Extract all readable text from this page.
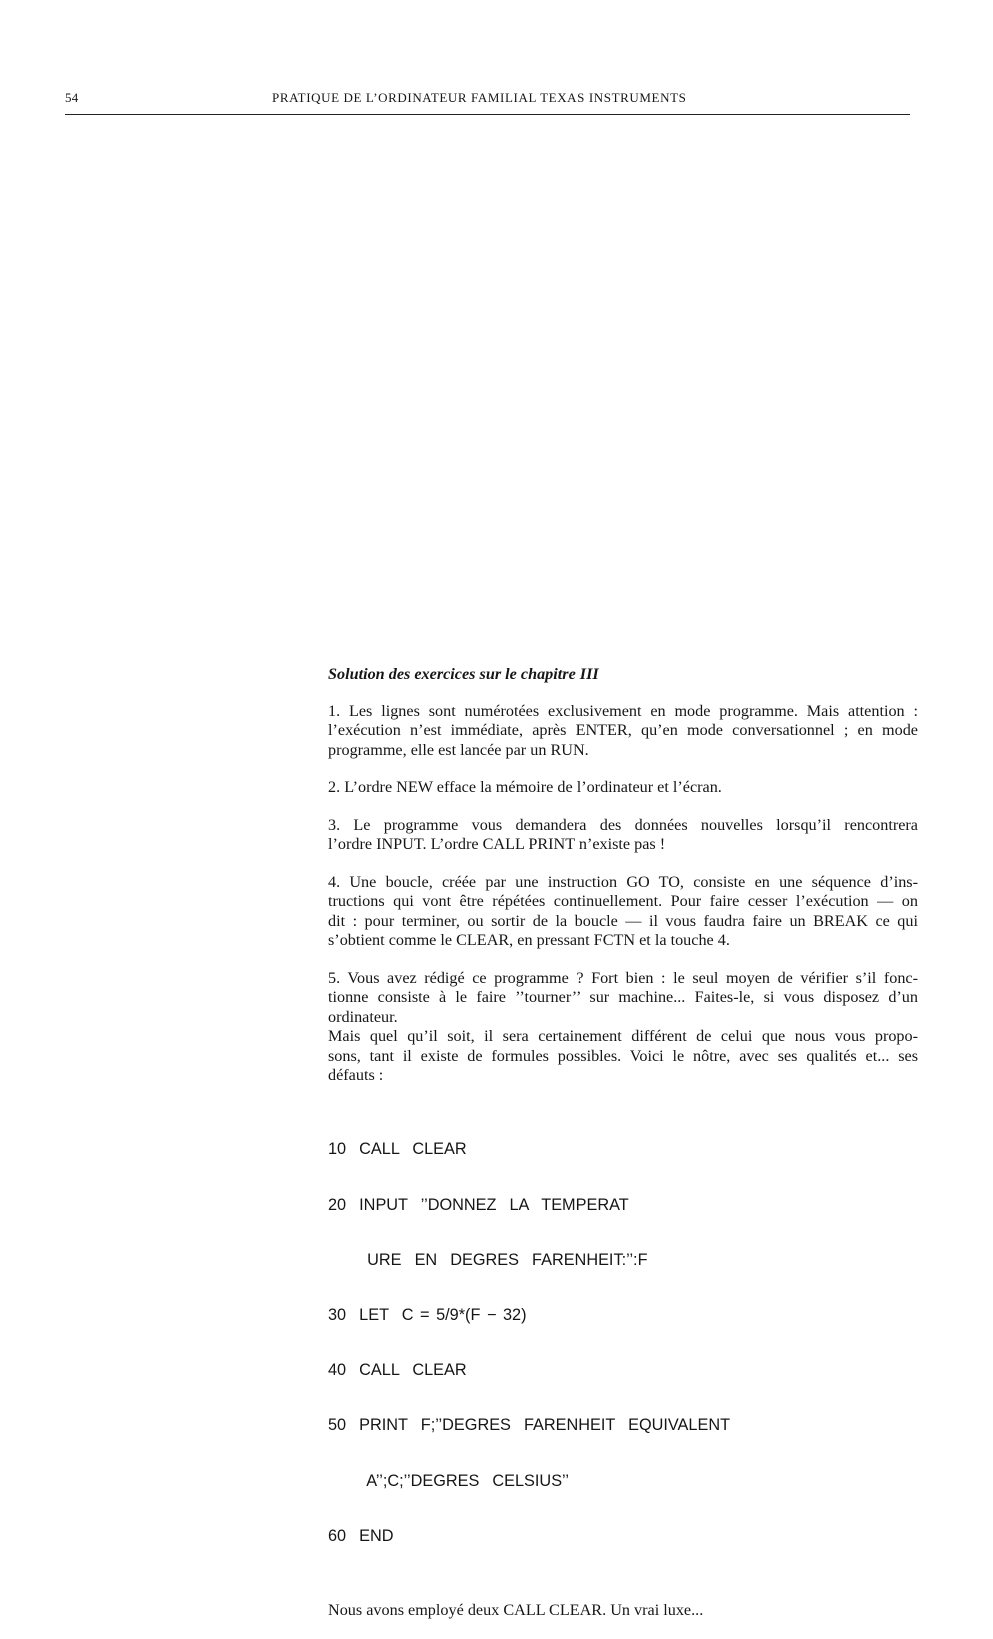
54	PRATIQUE DE L’ORDINATEUR FAMILIAL TEXAS INSTRUMENTS
Solution des exercices sur le chapitre III
1. Les lignes sont numérotées exclusivement en mode programme. Mais attention :
l’exécution n’est immédiate, après ENTER, qu’en mode conversationnel ; en mode
programme, elle est lancée par un RUN.
2. L’ordre NEW efface la mémoire de l’ordinateur et l’écran.
3. Le programme vous demandera des données nouvelles lorsqu’il rencontrera
l’ordre INPUT. L’ordre CALL PRINT n’existe pas !
4. Une boucle, créée par une instruction GO TO, consiste en une séquence d’ins-
tructions qui vont être répétées continuellement. Pour faire cesser l’exécution — on
dit : pour terminer, ou sortir de la boucle — il vous faudra faire un BREAK ce qui
s’obtient comme le CLEAR, en pressant FCTN et la touche 4.
5. Vous avez rédigé ce programme ? Fort bien : le seul moyen de vérifier s’il fonc-
tionne consiste à le faire ’’tourner’’ sur machine... Faites-le, si vous disposez d’un
ordinateur.
Mais quel qu’il soit, il sera certainement différent de celui que nous vous propo-
sons, tant il existe de formules possibles. Voici le nôtre, avec ses qualités et... ses
défauts :

10  CALL  CLEAR

20  INPUT  ’’DONNEZ  LA  TEMPERAT

URE  EN  DEGRES  FARENHEIT:’’:F

30  LET  C = 5/9*(F − 32)

40  CALL  CLEAR

50  PRINT  F;’’DEGRES  FARENHEIT  EQUIVALENT

A’’;C;’’DEGRES  CELSIUS’’

60  END

Nous avons employé deux CALL CLEAR. Un vrai luxe...
